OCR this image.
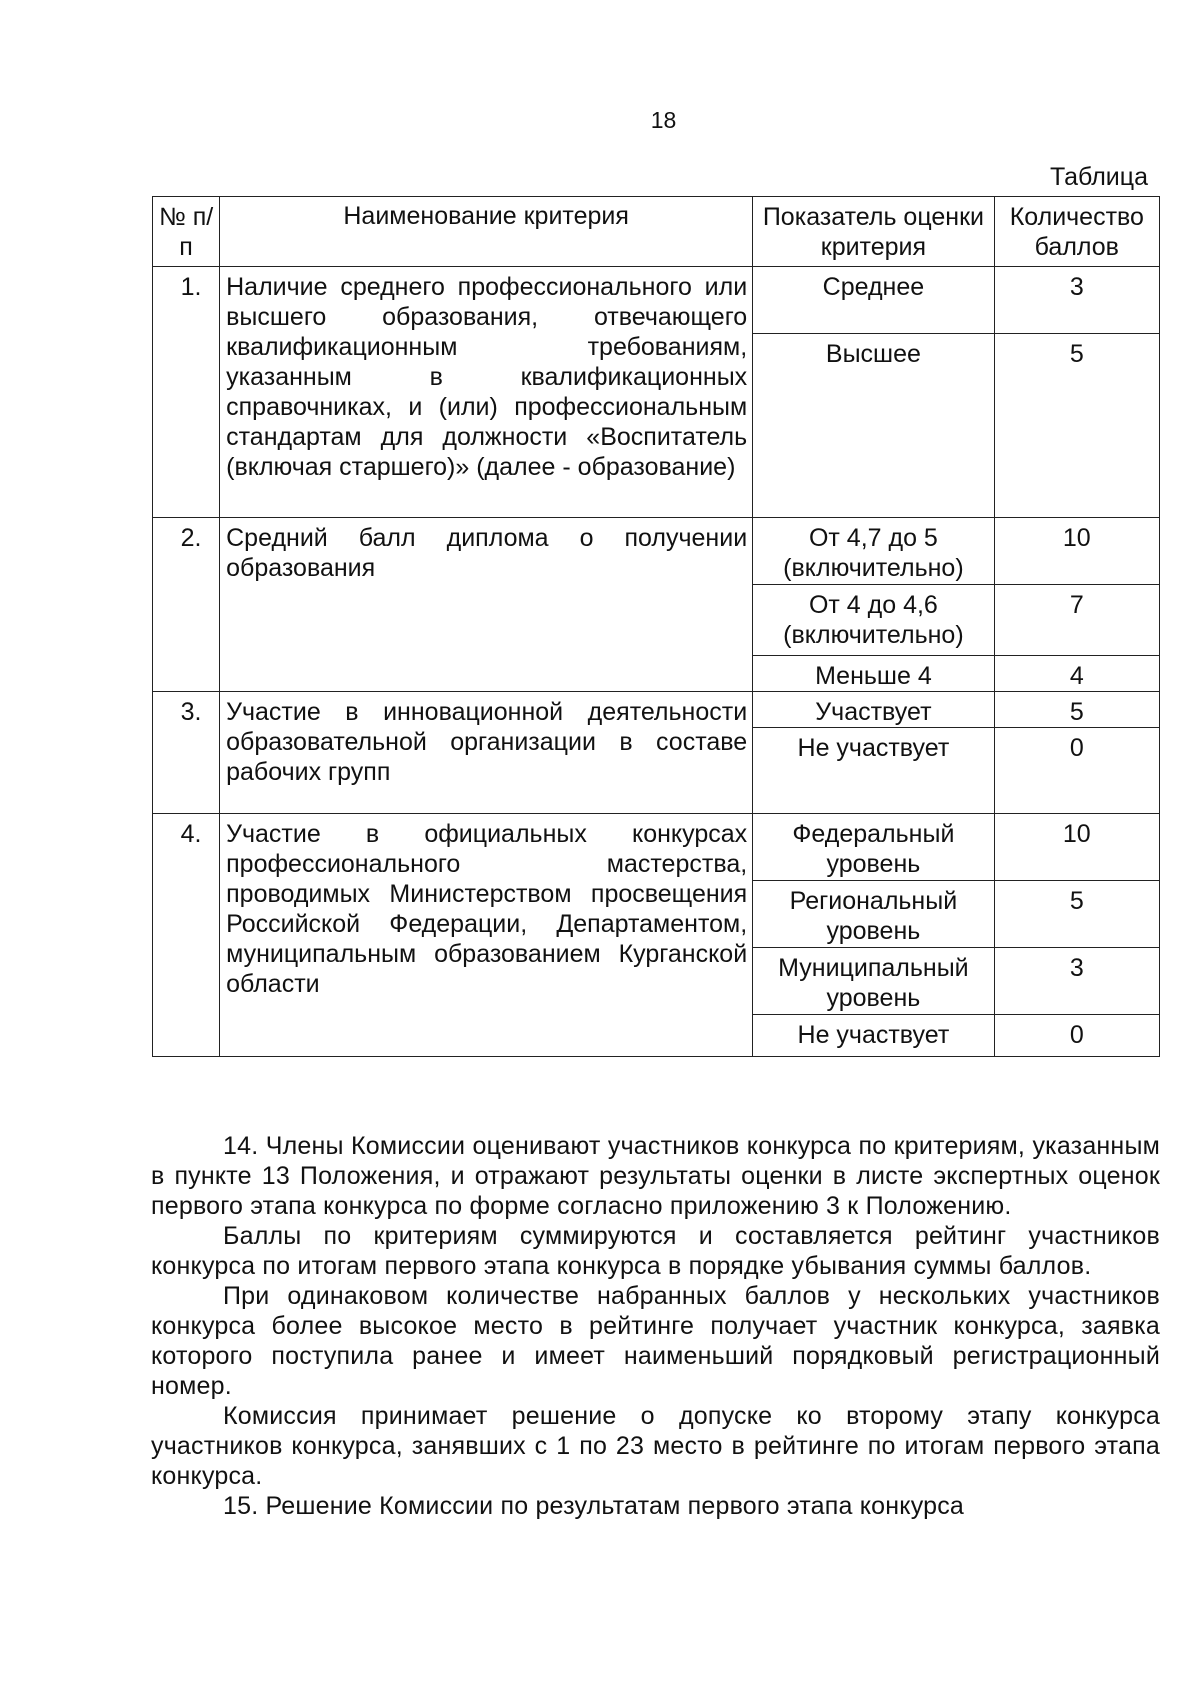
18
Таблица
№ п/п	Наименование критерия	Показатель оценки критерия	Количество баллов
1.	Наличие среднего профессионального или высшего образования, отвечающего квалификационным требованиям, указанным в квалификационных справочниках, и (или) профессиональным стандартам для должности «Воспитатель (включая старшего)» (далее - образование)	Среднее	3
		Высшее	5
2.	Средний балл диплома о получении образования	От 4,7 до 5 (включительно)	10
		От 4 до 4,6 (включительно)	7
		Меньше 4	4
3.	Участие в инновационной деятельности образовательной организации в составе рабочих групп	Участвует	5
		Не участвует	0
4.	Участие в официальных конкурсах профессионального мастерства, проводимых Министерством просвещения Российской Федерации, Департаментом, муниципальным образованием Курганской области	Федеральный уровень	10
		Региональный уровень	5
		Муниципальный уровень	3
		Не участвует	0

14. Члены Комиссии оценивают участников конкурса по критериям, указанным в пункте 13 Положения, и отражают результаты оценки в листе экспертных оценок первого этапа конкурса по форме согласно приложению 3 к Положению.

Баллы по критериям суммируются и составляется рейтинг участников конкурса по итогам первого этапа конкурса в порядке убывания суммы баллов.

При одинаковом количестве набранных баллов у нескольких участников конкурса более высокое место в рейтинге получает участник конкурса, заявка которого поступила ранее и имеет наименьший порядковый регистрационный номер.

Комиссия принимает решение о допуске ко второму этапу конкурса участников конкурса, занявших с 1 по 23 место в рейтинге по итогам первого этапа конкурса.

15. Решение Комиссии по результатам первого этапа конкурса
